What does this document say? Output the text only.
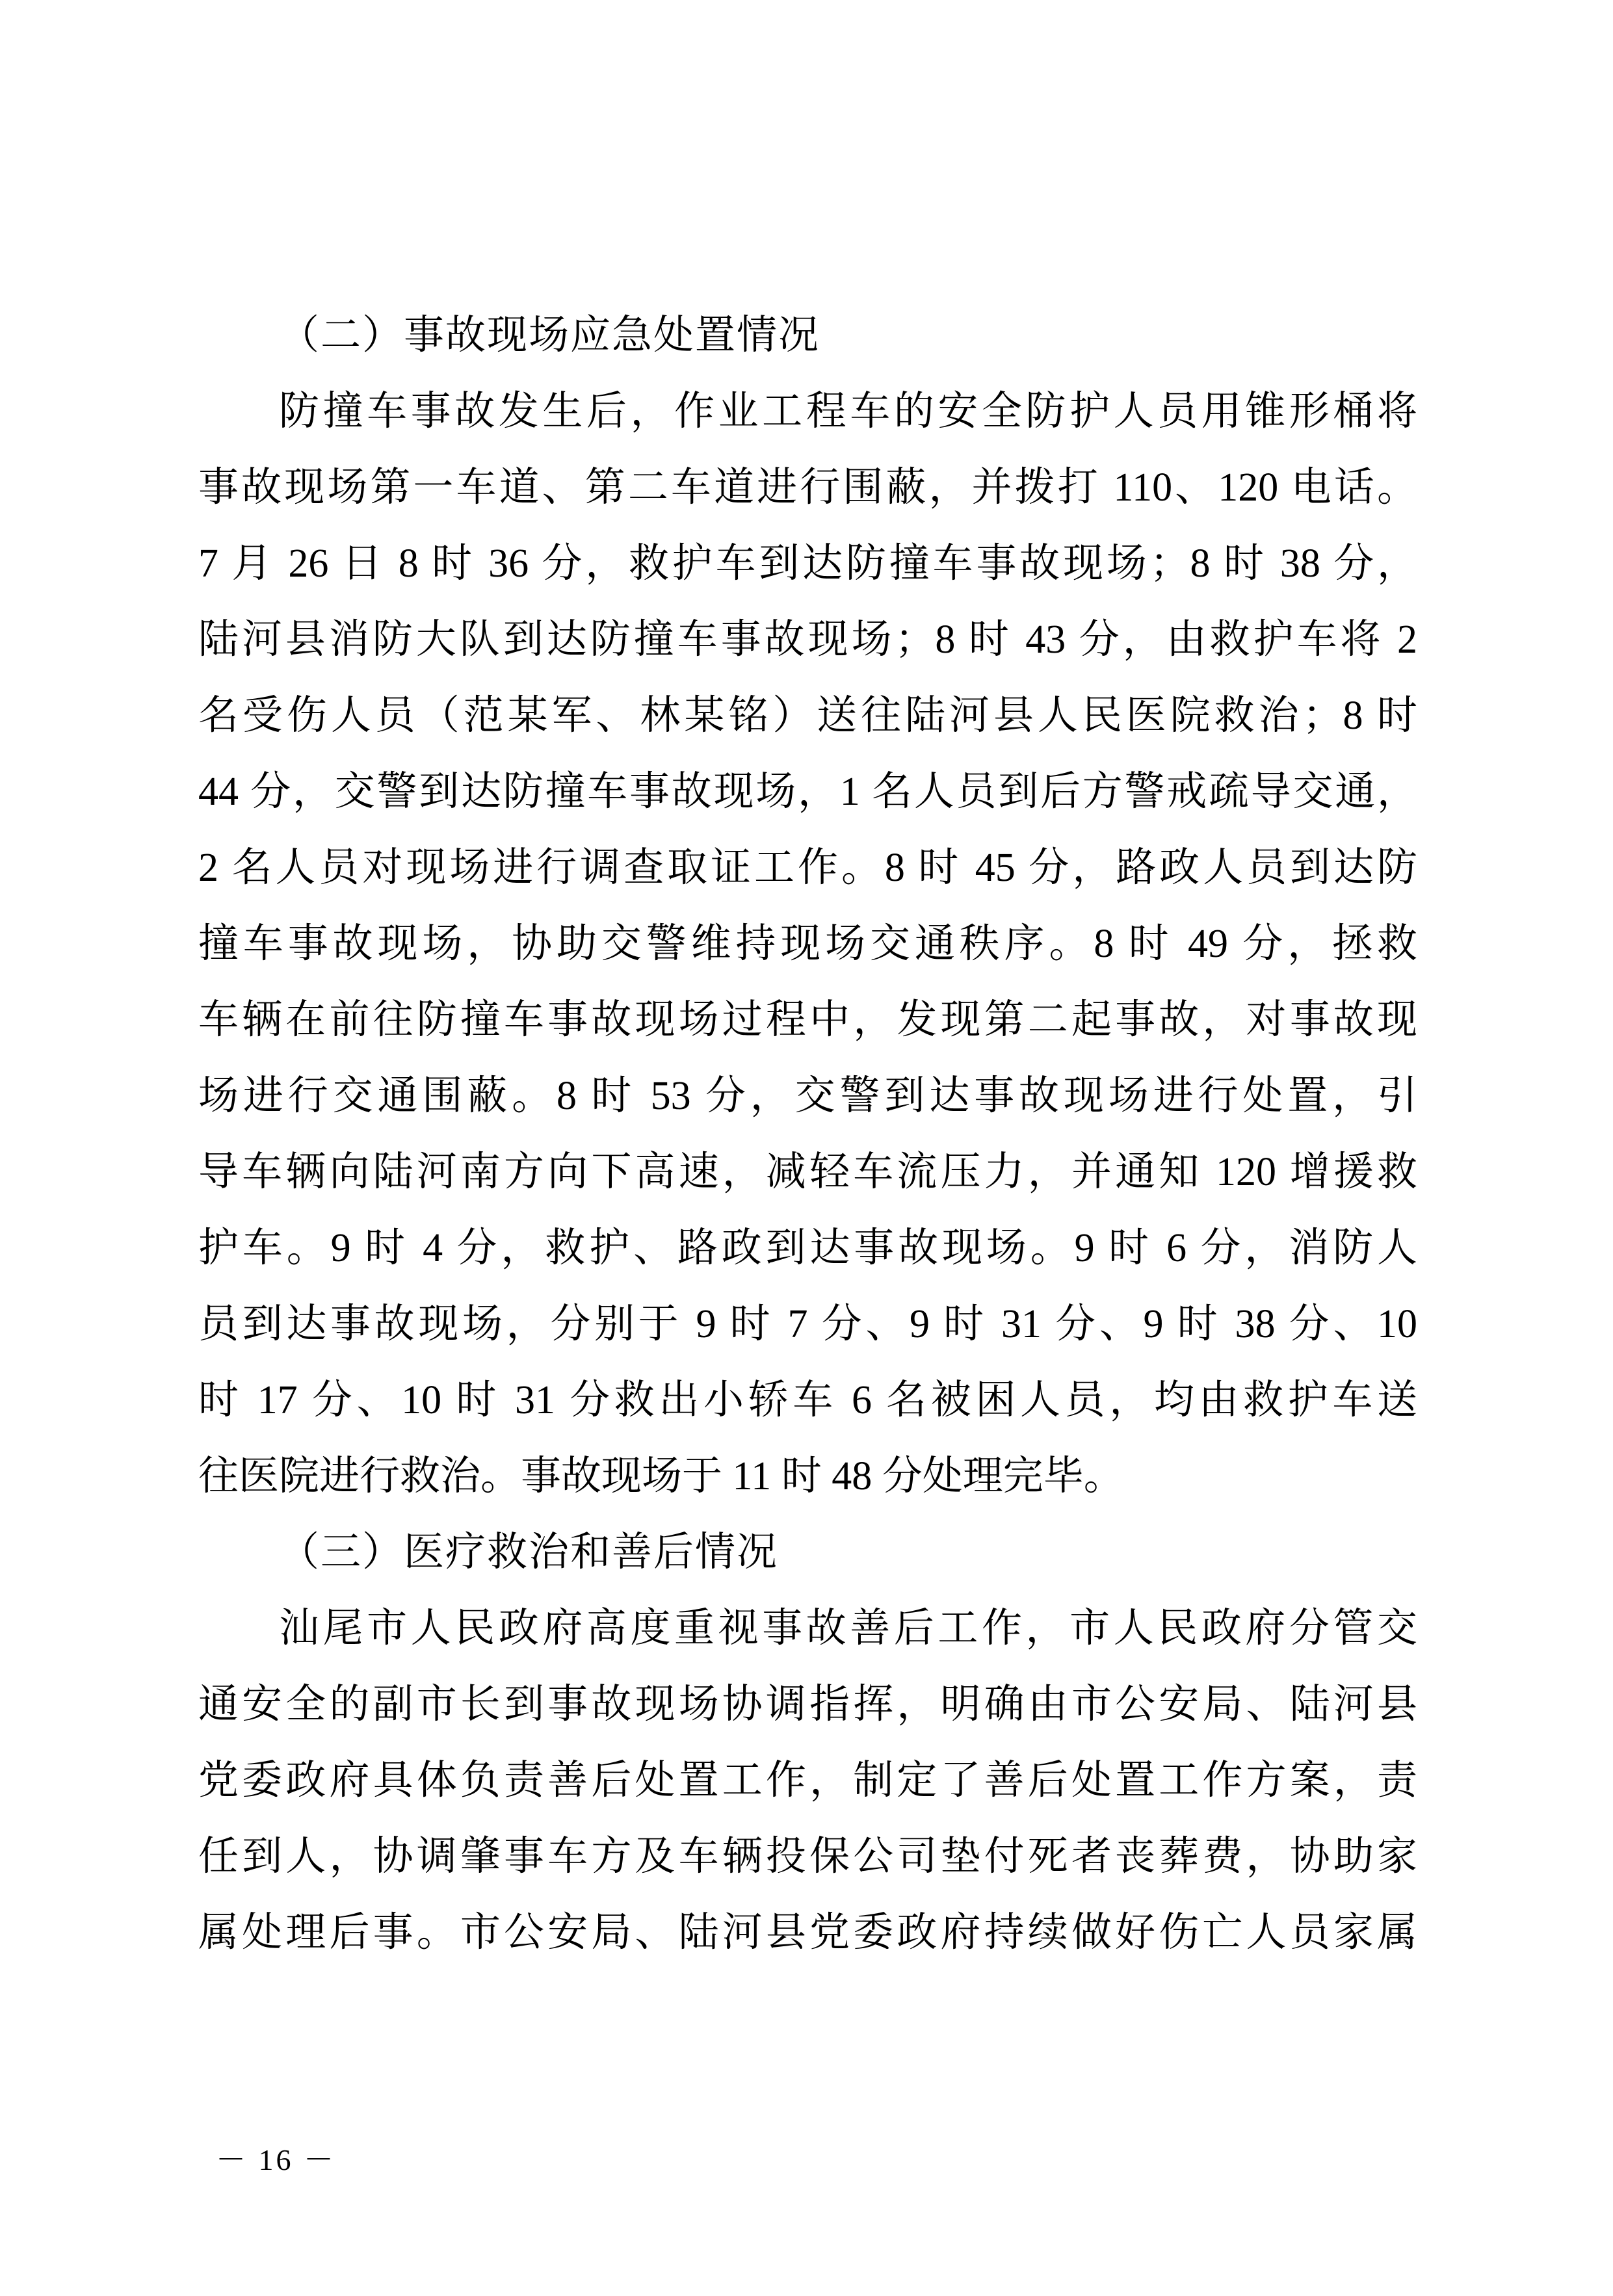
（二）事故现场应急处置情况
防撞车事故发生后，作业工程车的安全防护人员用锥形桶将
事故现场第一车道、第二车道进行围蔽，并拨打 110、120 电话。
7 月 26 日 8 时 36 分，救护车到达防撞车事故现场；8 时 38 分，
陆河县消防大队到达防撞车事故现场；8 时 43 分，由救护车将 2
名受伤人员（范某军、林某铭）送往陆河县人民医院救治；8 时
44 分，交警到达防撞车事故现场，1 名人员到后方警戒疏导交通，
2 名人员对现场进行调查取证工作。8 时 45 分，路政人员到达防
撞车事故现场，协助交警维持现场交通秩序。8 时 49 分，拯救
车辆在前往防撞车事故现场过程中，发现第二起事故，对事故现
场进行交通围蔽。8 时 53 分，交警到达事故现场进行处置，引
导车辆向陆河南方向下高速，减轻车流压力，并通知 120 增援救
护车。9 时 4 分，救护、路政到达事故现场。9 时 6 分，消防人
员到达事故现场，分别于 9 时 7 分、9 时 31 分、9 时 38 分、10
时 17 分、10 时 31 分救出小轿车 6 名被困人员，均由救护车送
往医院进行救治。事故现场于 11 时 48 分处理完毕。
（三）医疗救治和善后情况
汕尾市人民政府高度重视事故善后工作，市人民政府分管交
通安全的副市长到事故现场协调指挥，明确由市公安局、陆河县
党委政府具体负责善后处置工作，制定了善后处置工作方案，责
任到人，协调肇事车方及车辆投保公司垫付死者丧葬费，协助家
属处理后事。市公安局、陆河县党委政府持续做好伤亡人员家属
－ 16 －
